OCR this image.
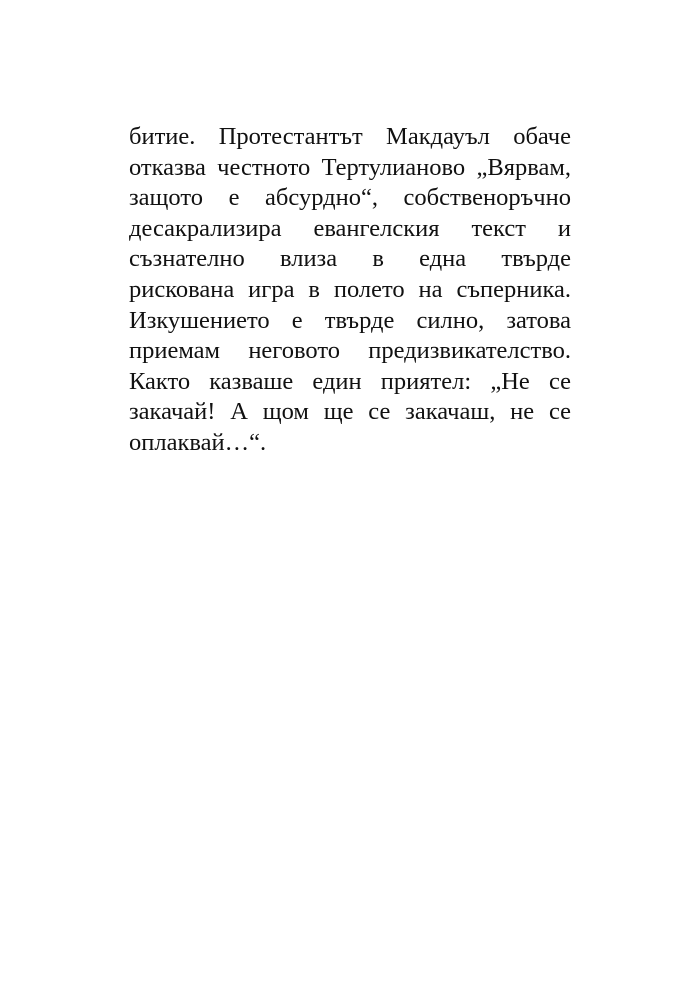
битие. Протестантът Макдауъл обаче
отказва честното Тертулианово „Вярвам,
защото е абсурдно“, собственоръчно
десакрализира евангелския текст и
съзнателно влиза в една твърде
рискована игра в полето на съперника.
Изкушението е твърде силно, затова
приемам неговото предизвикателство.
Както казваше един приятел: „Не се
закачай! А щом ще се закачаш, не се
оплаквай…“.
